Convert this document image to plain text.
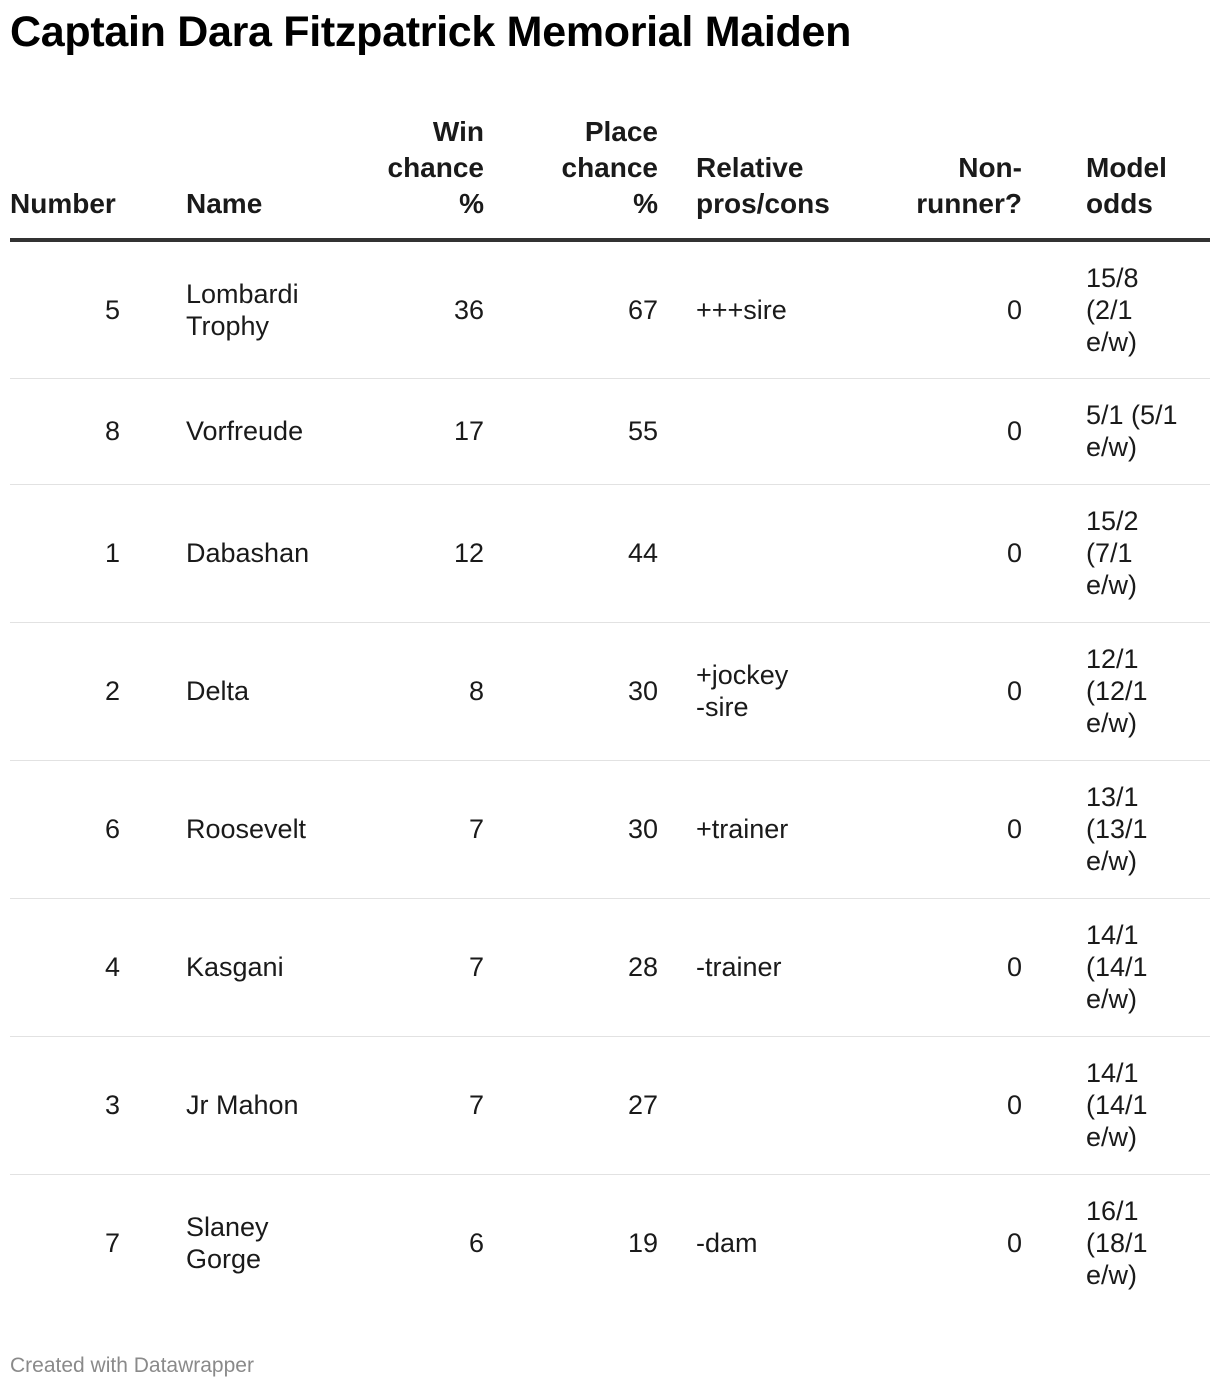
Captain Dara Fitzpatrick Memorial Maiden
Number		Name	Win
chance
%	Place
chance
%		Relative
pros/cons	Non-
runner?		Model
odds

5		Lombardi
Trophy	36	67		+++sire	0		15/8
(2/1
e/w)

8		Vorfreude	17	55			0		5/1 (5/1
e/w)

1		Dabashan	12	44			0		15/2
(7/1
e/w)

2		Delta	8	30		+jockey
-sire	0		12/1
(12/1
e/w)

6		Roosevelt	7	30		+trainer	0		13/1
(13/1
e/w)

4		Kasgani	7	28		-trainer	0		14/1
(14/1
e/w)

3		Jr Mahon	7	27			0		14/1
(14/1
e/w)

7		Slaney
Gorge	6	19		-dam	0		16/1
(18/1
e/w)
Created with Datawrapper
